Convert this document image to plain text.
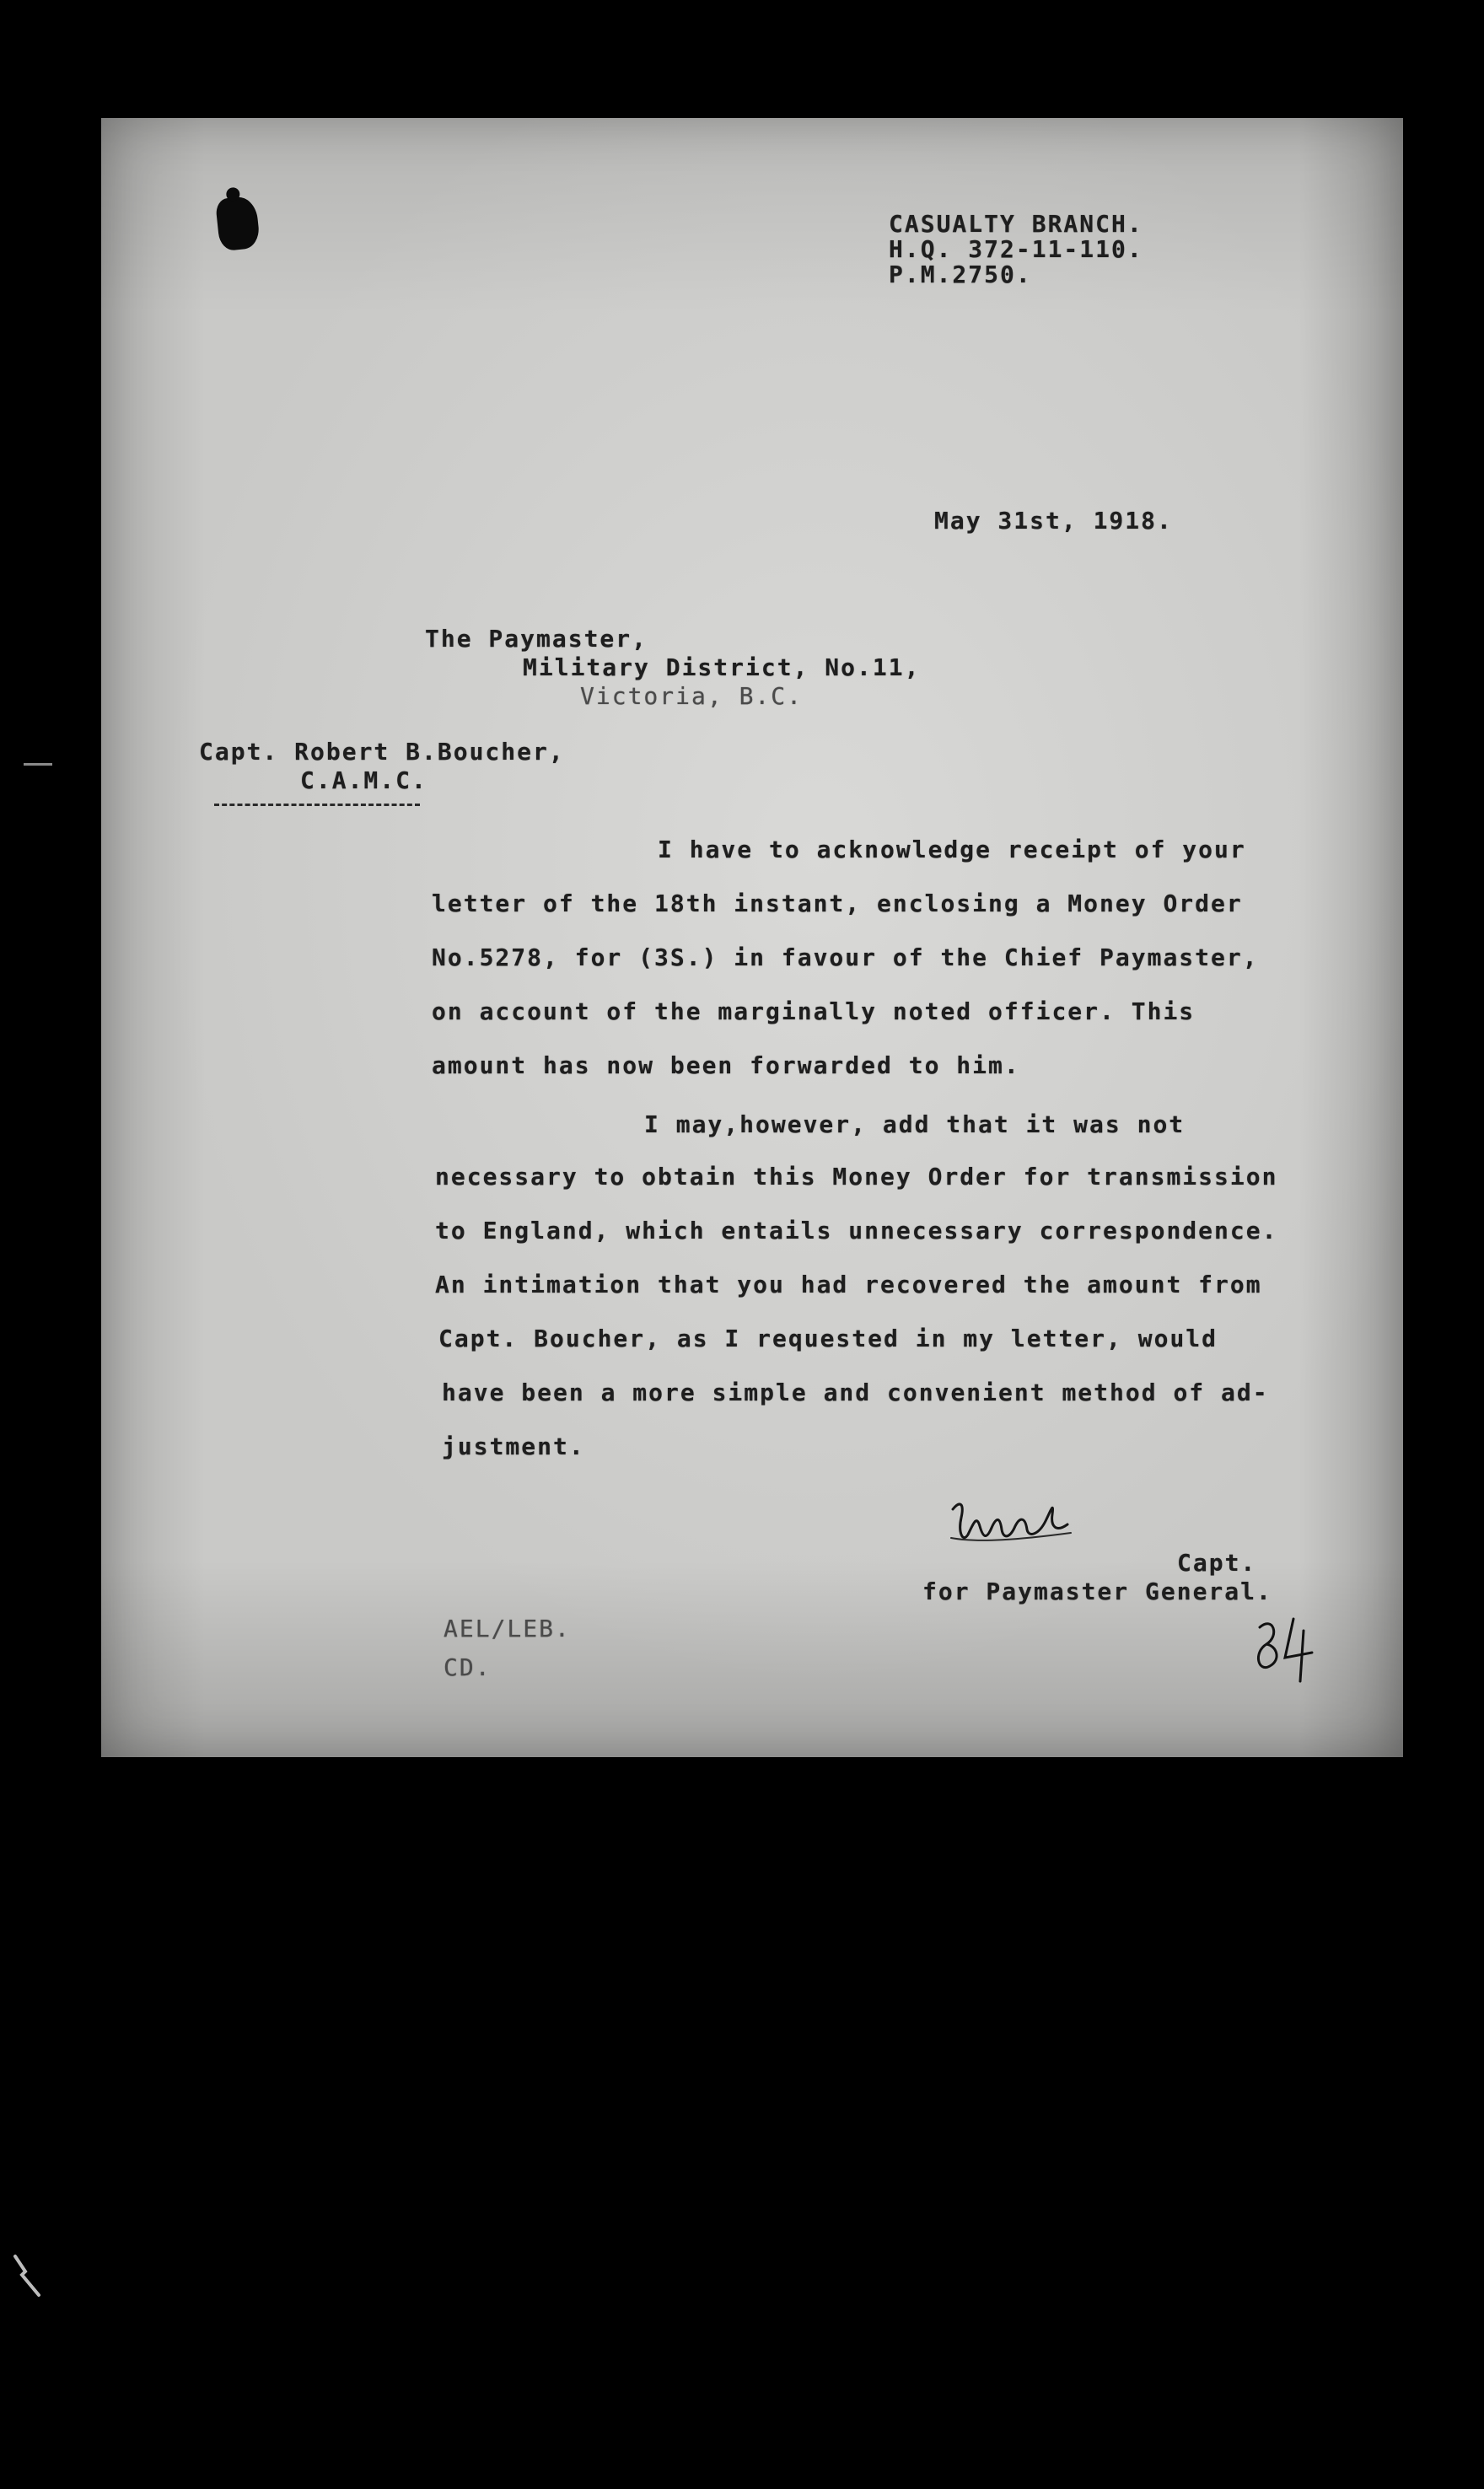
CASUALTY BRANCH.
H.Q. 372-11-110.
P.M.2750.
May 31st, 1918.
The Paymaster,
Military District, No.11,
Victoria, B.C.
Capt. Robert B.Boucher,
C.A.M.C.
I have to acknowledge receipt of your
letter of the 18th instant, enclosing a Money Order
No.5278, for (3S.) in favour of the Chief Paymaster,
on account of the marginally noted officer. This
amount has now been forwarded to him.
I may,however, add that it was not
necessary to obtain this Money Order for transmission
to England, which entails unnecessary correspondence.
An intimation that you had recovered the amount from
Capt. Boucher, as I requested in my letter, would
have been a more simple and convenient method of ad-
justment.
Capt.
for Paymaster General.
AEL/LEB.
CD.
